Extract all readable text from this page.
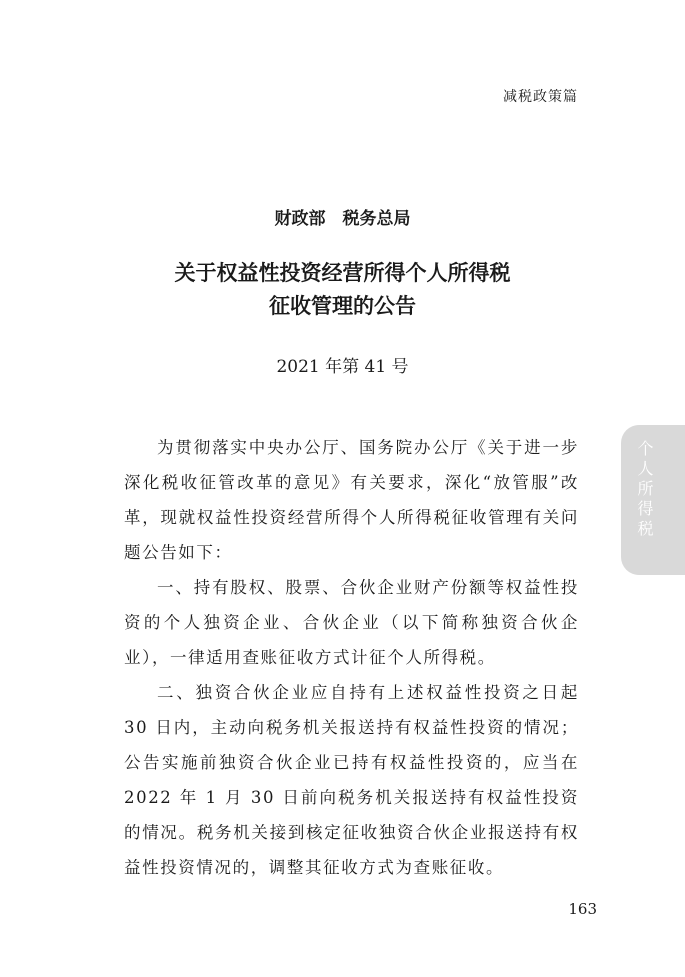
减税政策篇
财政部　税务总局
关于权益性投资经营所得个人所得税
征收管理的公告
2021 年第 41 号

为贯彻落实中央办公厅、国务院办公厅《关于进一步深化税收征管改革的意见》有关要求，深化“放管服”改革，现就权益性投资经营所得个人所得税征收管理有关问题公告如下：

一、持有股权、股票、合伙企业财产份额等权益性投资的个人独资企业、合伙企业（以下简称独资合伙企业），一律适用查账征收方式计征个人所得税。

二、独资合伙企业应自持有上述权益性投资之日起 30 日内，主动向税务机关报送持有权益性投资的情况；公告实施前独资合伙企业已持有权益性投资的，应当在 2022 年 1 月 30 日前向税务机关报送持有权益性投资的情况。税务机关接到核定征收独资合伙企业报送持有权益性投资情况的，调整其征收方式为查账征收。

个人所得税
163
